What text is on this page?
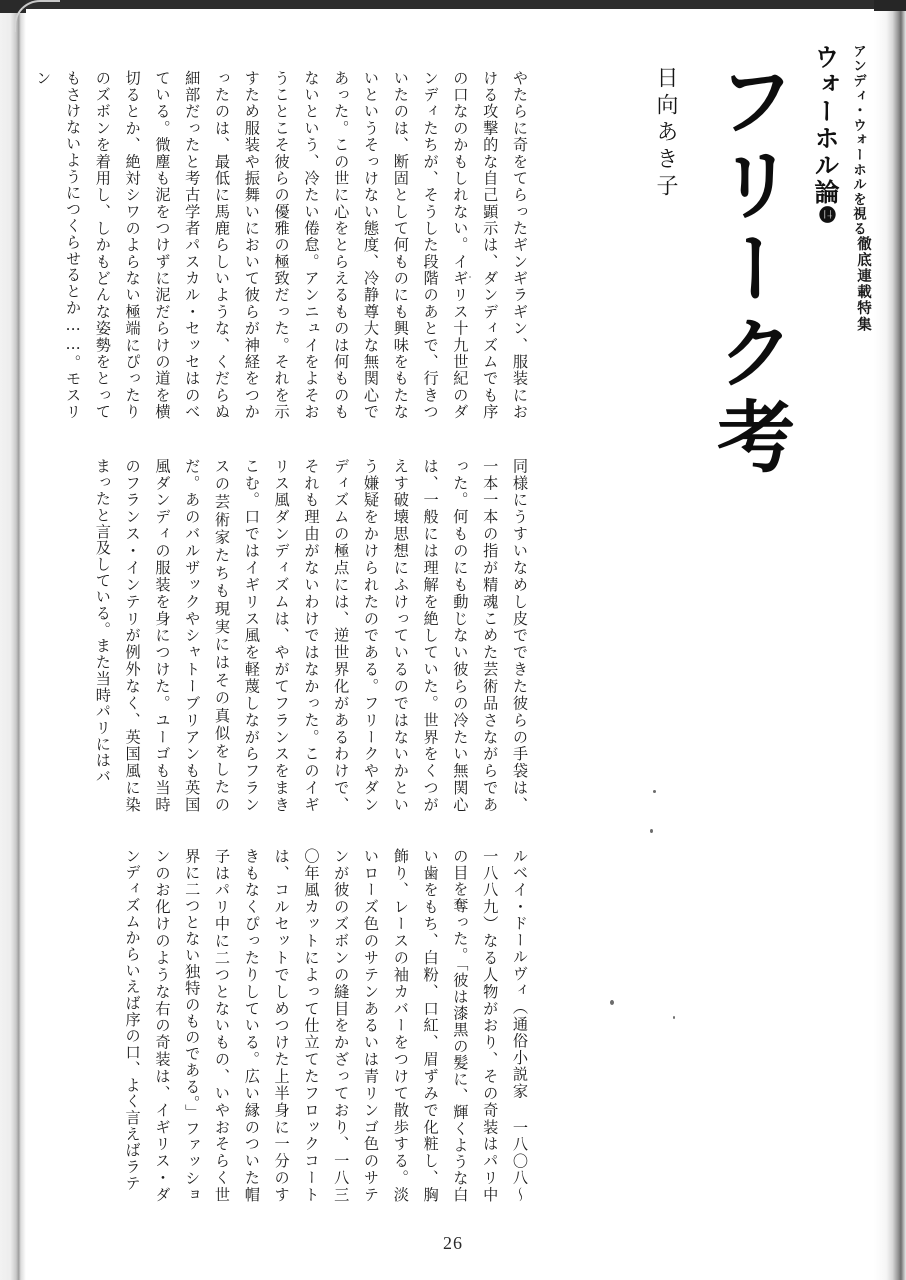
アンディ・ウォーホルを視る
徹底連載特集
ウォーホル論⓮
フリーク考
日向あき子
やたらに奇をてらったギンギラギン、服装における攻撃的な自己顕示は、ダンディズムでも序の口なのかもしれない。イギリス十九世紀のダンディたちが、そうした段階のあとで、行きついたのは、断固として何ものにも興味をもたないというそっけない態度、冷静尊大な無関心であった。この世に心をとらえるものは何ものもないという、冷たい倦怠。アンニュイをよそおうことこそ彼らの優雅の極致だった。それを示すため服装や振舞いにおいて彼らが神経をつかったのは、最低に馬鹿らしいような、くだらぬ細部だったと考古学者パスカル・セッセはのべている。微塵も泥をつけずに泥だらけの道を横切るとか、絶対シワのよらない極端にぴったりのズボンを着用し、しかもどんな姿勢をとってもさけないようにつくらせるとか……。モスリン
同様にうすいなめし皮でできた彼らの手袋は、一本一本の指が精魂こめた芸術品さながらであった。何ものにも動じない彼らの冷たい無関心は、一般には理解を絶していた。世界をくつがえす破壊思想にふけっているのではないかという嫌疑をかけられたのである。フリークやダンディズムの極点には、逆世界化があるわけで、それも理由がないわけではなかった。このイギリス風ダンディズムは、やがてフランスをまきこむ。口ではイギリス風を軽蔑しながらフランスの芸術家たちも現実にはその真似をしたのだ。あのバルザックやシャトーブリアンも英国風ダンディの服装を身につけた。ユーゴも当時のフランス・インテリが例外なく、英国風に染まったと言及している。また当時パリにはバ
ルベイ・ドールヴィ（通俗小説家 一八〇八～一八八九）なる人物がおり、その奇装はパリ中の目を奪った。「彼は漆黒の髪に、輝くような白い歯をもち、白粉、口紅、眉ずみで化粧し、胸飾り、レースの袖カバーをつけて散歩する。淡いローズ色のサテンあるいは青リンゴ色のサテンが彼のズボンの縫目をかざっており、一八三〇年風カットによって仕立てたフロックコートは、コルセットでしめつけた上半身に一分のすきもなくぴったりしている。広い縁のついた帽子はパリ中に二つとないもの、いやおそらく世界に二つとない独特のものである。」ファッションのお化けのような右の奇装は、イギリス・ダンディズムからいえば序の口、よく言えばラテ
26
